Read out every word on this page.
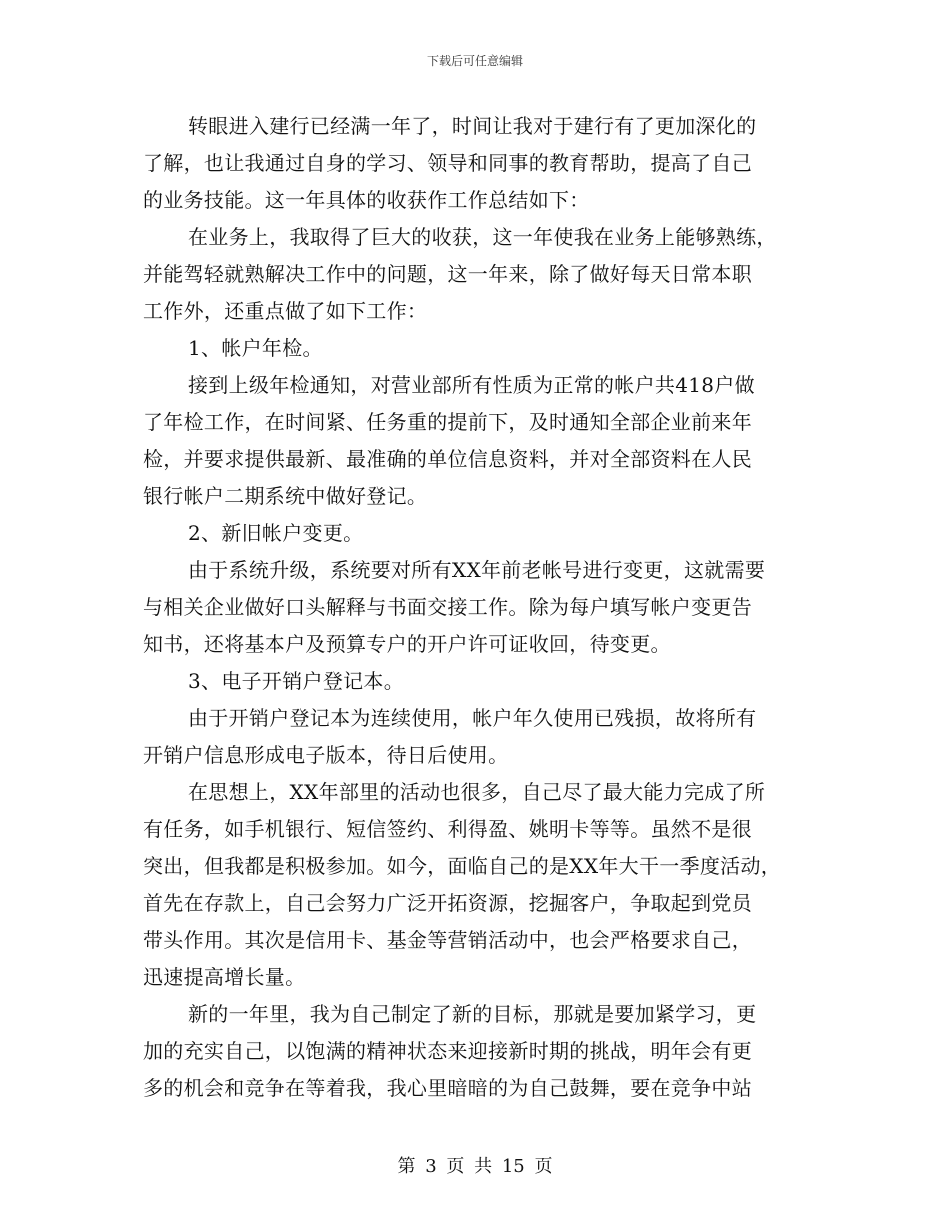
下载后可任意编辑
转眼进入建行已经满一年了，时间让我对于建行有了更加深化的
了解，也让我通过自身的学习、领导和同事的教育帮助，提高了自己
的业务技能。这一年具体的收获作工作总结如下：
在业务上，我取得了巨大的收获，这一年使我在业务上能够熟练，
并能驾轻就熟解决工作中的问题，这一年来，除了做好每天日常本职
工作外，还重点做了如下工作：
1、帐户年检。
接到上级年检通知，对营业部所有性质为正常的帐户共418户做
了年检工作，在时间紧、任务重的提前下，及时通知全部企业前来年
检，并要求提供最新、最准确的单位信息资料，并对全部资料在人民
银行帐户二期系统中做好登记。
2、新旧帐户变更。
由于系统升级，系统要对所有XX年前老帐号进行变更，这就需要
与相关企业做好口头解释与书面交接工作。除为每户填写帐户变更告
知书，还将基本户及预算专户的开户许可证收回，待变更。
3、电子开销户登记本。
由于开销户登记本为连续使用，帐户年久使用已残损，故将所有
开销户信息形成电子版本，待日后使用。
在思想上，XX年部里的活动也很多，自己尽了最大能力完成了所
有任务，如手机银行、短信签约、利得盈、姚明卡等等。虽然不是很
突出，但我都是积极参加。如今，面临自己的是XX年大干一季度活动，
首先在存款上，自己会努力广泛开拓资源，挖掘客户，争取起到党员
带头作用。其次是信用卡、基金等营销活动中，也会严格要求自己，
迅速提高增长量。
新的一年里，我为自己制定了新的目标，那就是要加紧学习，更
加的充实自己，以饱满的精神状态来迎接新时期的挑战，明年会有更
多的机会和竞争在等着我，我心里暗暗的为自己鼓舞，要在竞争中站
第 3 页 共 15 页
